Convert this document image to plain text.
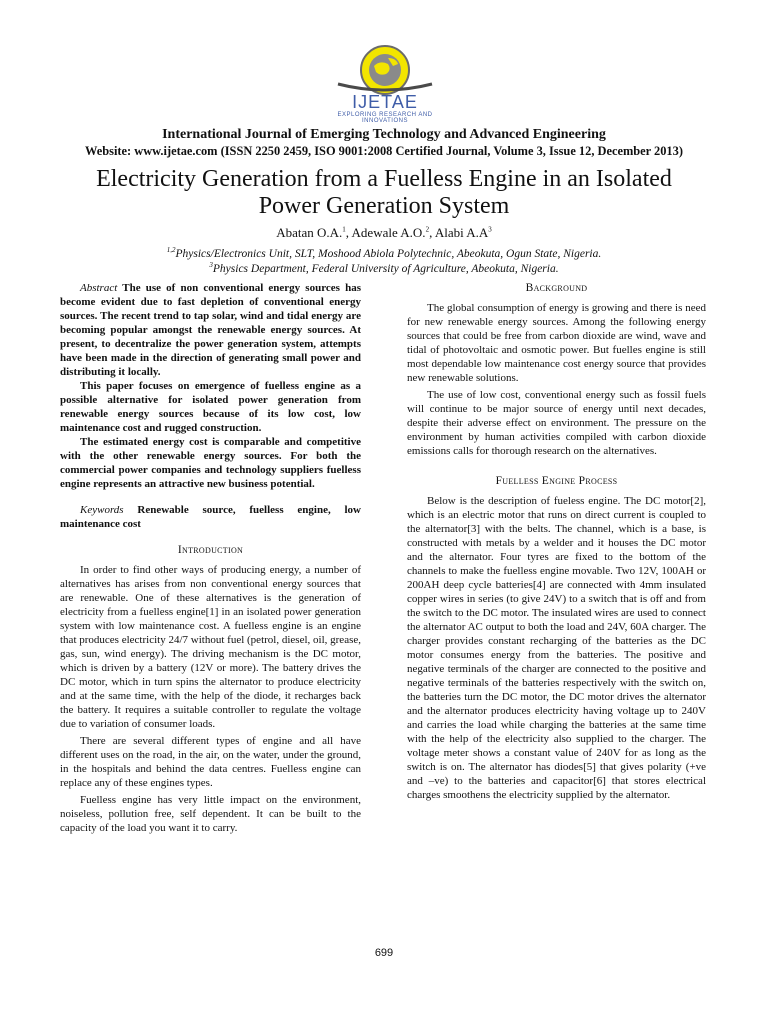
IJETAE
EXPLORING RESEARCH AND INNOVATIONS
International Journal of Emerging Technology and Advanced Engineering
Website: www.ijetae.com (ISSN 2250 2459, ISO 9001:2008 Certified Journal, Volume 3, Issue 12, December 2013)
Electricity Generation from a Fuelless Engine in an Isolated
Power Generation System
Abatan O.A.$^1$, Adewale A.O.$^2$, Alabi $A.A^3$
$^{1,2}$Physics/Electronics Unit, SLT, Moshood Abiola Polytechnic, Abeokuta, Ogun State, Nigeria.
$^3$Physics Department, Federal University of Agriculture, Abeokuta, Nigeria.

Abstract The use of non conventional energy sources has become evident due to fast depletion of conventional energy sources. The recent trend to tap solar, wind and tidal energy are becoming popular amongst the renewable energy sources. At present, to decentralize the power generation system, attempts have been made in the direction of generating small power and distributing it locally.

This paper focuses on emergence of fuelless engine as a possible alternative for isolated power generation from renewable energy sources because of its low cost, low maintenance cost and rugged construction.

The estimated energy cost is comparable and competitive with the other renewable energy sources. For both the commercial power companies and technology suppliers fuelless engine represents an attractive new business potential.

Keywords Renewable source, fuelless engine, low maintenance cost

Introduction

In order to find other ways of producing energy, a number of alternatives has arises from non conventional energy sources that are renewable. One of these alternatives is the generation of electricity from a fuelless engine[1] in an isolated power generation system with low maintenance cost. A fuelless engine is an engine that produces electricity 24/7 without fuel (petrol, diesel, oil, grease, gas, sun, wind energy). The driving mechanism is the DC motor, which is driven by a battery (12V or more). The battery drives the DC motor, which in turn spins the alternator to produce electricity and at the same time, with the help of the diode, it recharges back the battery. It requires a suitable controller to regulate the voltage due to variation of consumer loads.

There are several different types of engine and all have different uses on the road, in the air, on the water, under the ground, in the hospitals and behind the data centres. Fuelless engine can replace any of these engines types.

Fuelless engine has very little impact on the environment, noiseless, pollution free, self dependent. It can be built to the capacity of the load you want it to carry.

Background

The global consumption of energy is growing and there is need for new renewable energy sources. Among the following energy sources that could be free from carbon dioxide are wind, wave and tidal of photovoltaic and osmotic power. But fuelles engine is still most dependable low maintenance cost energy source that provides new renewable solutions.

The use of low cost, conventional energy such as fossil fuels will continue to be major source of energy until next decades, despite their adverse effect on environment. The pressure on the environment by human activities compiled with carbon dioxide emissions calls for thorough research on the alternatives.

Fuelless Engine Process

Below is the description of fueless engine. The DC motor[2], which is an electric motor that runs on direct current is coupled to the alternator[3] with the belts. The channel, which is a base, is constructed with metals by a welder and it houses the DC motor and the alternator. Four tyres are fixed to the bottom of the channels to make the fuelless engine movable. Two 12V, 100AH or 200AH deep cycle batteries[4] are connected with 4mm insulated copper wires in series (to give 24V) to a switch that is off and from the switch to the DC motor. The insulated wires are used to connect the alternator AC output to both the load and 24V, 60A charger. The charger provides constant recharging of the batteries as the DC motor consumes energy from the batteries. The positive and negative terminals of the charger are connected to the positive and negative terminals of the batteries respectively with the switch on, the batteries turn the DC motor, the DC motor drives the alternator and the alternator produces electricity having voltage up to 240V and carries the load while charging the batteries at the same time with the help of the electricity also supplied to the charger. The voltage meter shows a constant value of 240V for as long as the switch is on. The alternator has diodes[5] that gives polarity (+ve and –ve) to the batteries and capacitor[6] that stores electrical charges smoothens the electricity supplied by the alternator.

699
